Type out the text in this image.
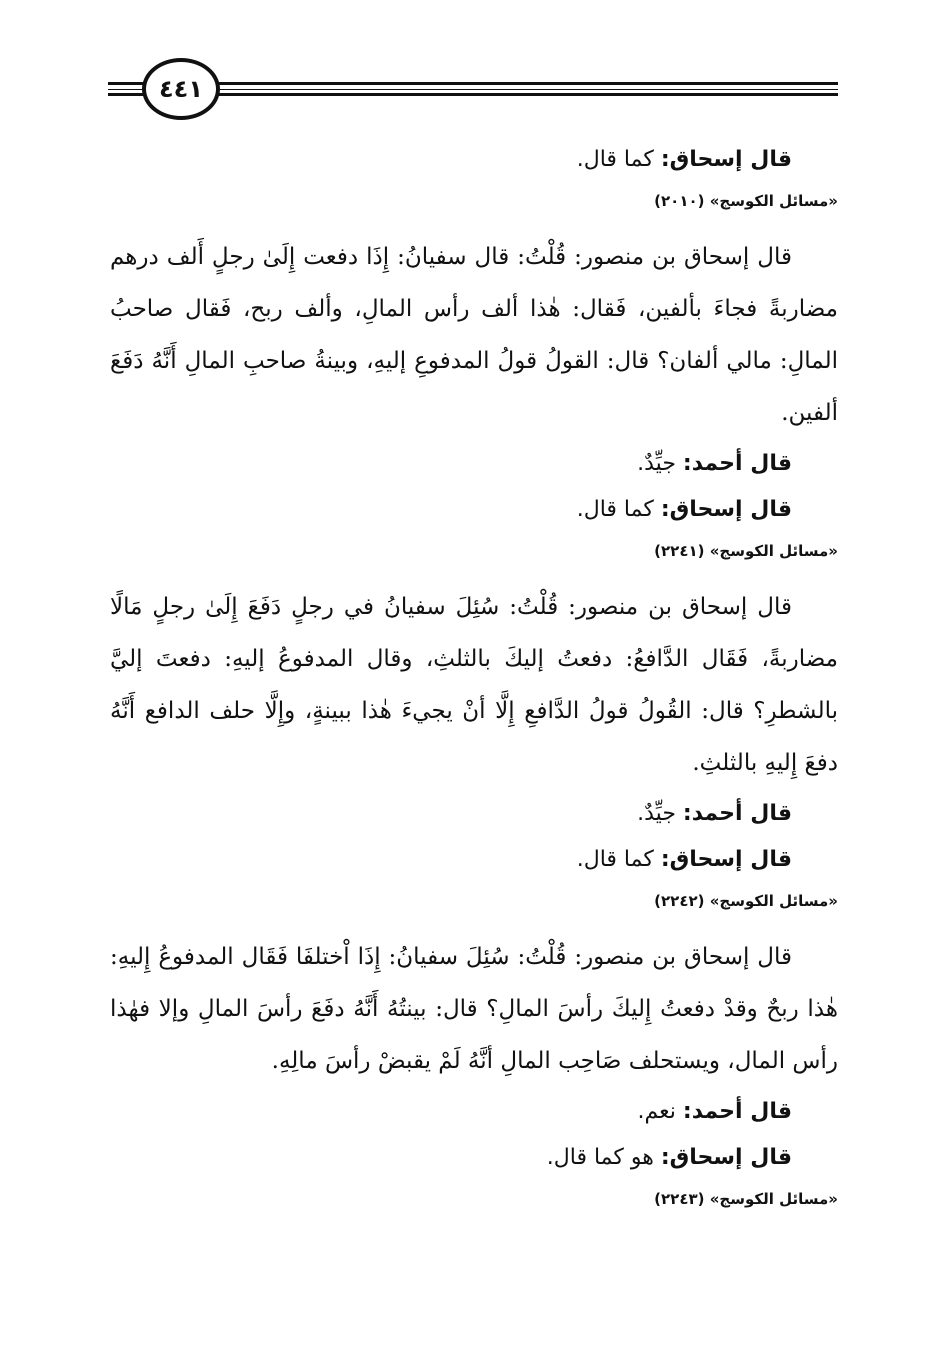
٤٤١
قال إسحاق: كما قال.
«مسائل الكوسج» (٢٠١٠)

قال إسحاق بن منصور: قُلْتُ: قال سفيانُ: إِذَا دفعت إِلَىٰ رجلٍ أَلف درهم مضاربةً فجاءَ بألفين، فَقال: هٰذا ألف رأس المالِ، وألف ربح، فَقال صاحبُ المالِ: مالي ألفان؟ قال: القولُ قولُ المدفوعِ إليهِ، وبينةُ صاحبِ المالِ أَنَّهُ دَفَعَ ألفين.

قال أحمد: جيِّدٌ.
قال إسحاق: كما قال.
«مسائل الكوسج» (٢٢٤١)

قال إسحاق بن منصور: قُلْتُ: سُئِلَ سفيانُ في رجلٍ دَفَعَ إِلَىٰ رجلٍ مَالًا مضاربةً، فَقَال الدَّافعُ: دفعتُ إليكَ بالثلثِ، وقال المدفوعُ إليهِ: دفعتَ إليَّ بالشطرِ؟ قال: القُولُ قولُ الدَّافعِ إِلَّا أنْ يجيءَ هٰذا ببينةٍ، وإِلَّا حلف الدافع أَنَّهُ دفعَ إِليهِ بالثلثِ.

قال أحمد: جيِّدٌ.
قال إسحاق: كما قال.
«مسائل الكوسج» (٢٢٤٢)

قال إسحاق بن منصور: قُلْتُ: سُئِلَ سفيانُ: إِذَا اْختلفَا فَقَال المدفوعُ إِليهِ: هٰذا ربحٌ وقدْ دفعتُ إِليكَ رأسَ المالِ؟ قال: بينتُهُ أَنَّهُ دفَعَ رأسَ المالِ وإلا فهٰذا رأس المال، ويستحلف صَاحِب المالِ أنَّهُ لَمْ يقبضْ رأسَ مالِهِ.

قال أحمد: نعم.
قال إسحاق: هو كما قال.
«مسائل الكوسج» (٢٢٤٣)
